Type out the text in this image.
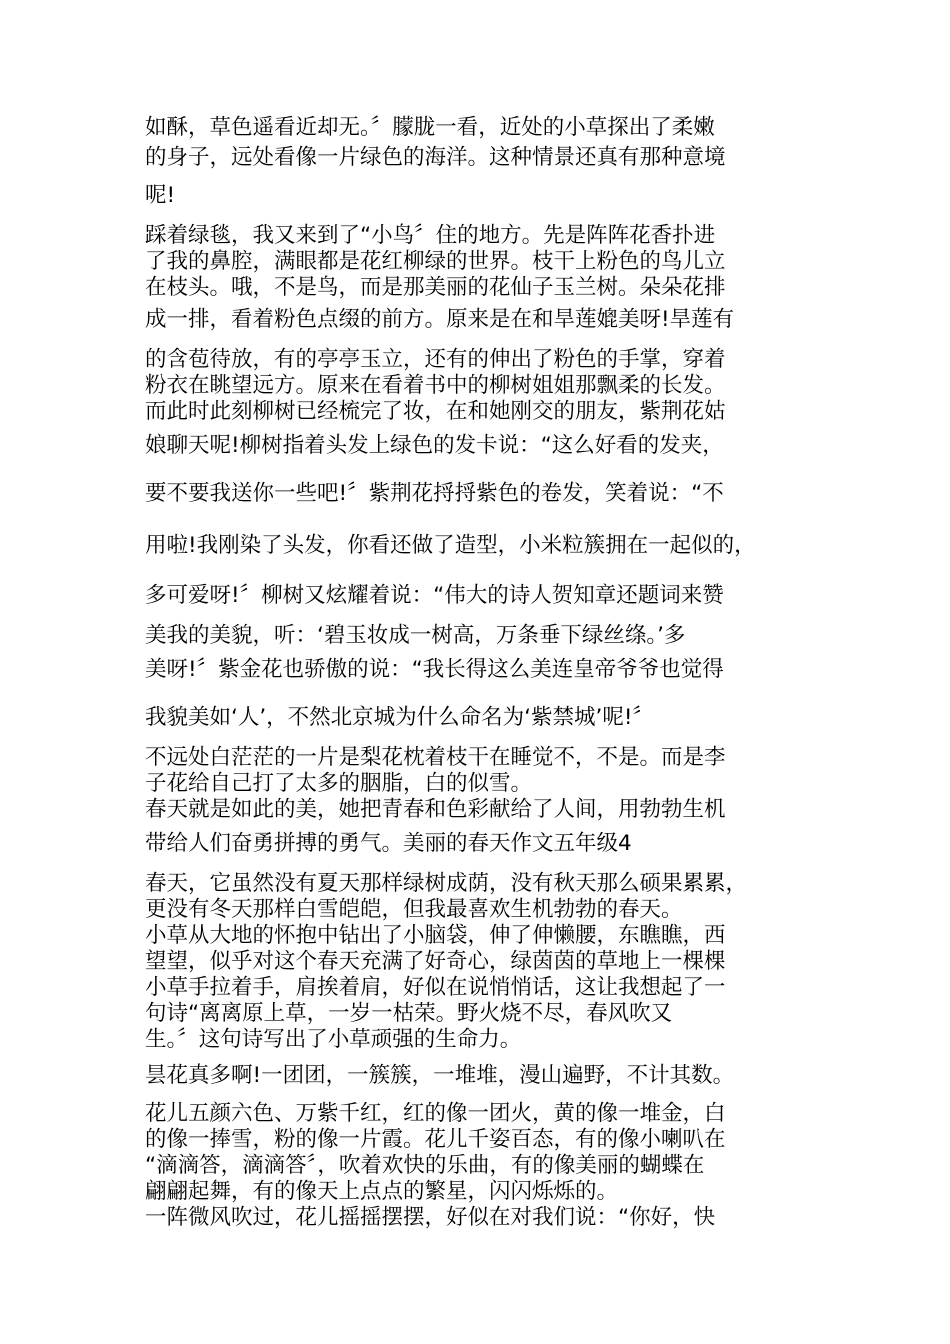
如酥，草色遥看近却无。〞朦胧一看，近处的小草探出了柔嫩

的身子，远处看像一片绿色的海洋。这种情景还真有那种意境

呢!

踩着绿毯，我又来到了“小鸟〞住的地方。先是阵阵花香扑进

了我的鼻腔，满眼都是花红柳绿的世界。枝干上粉色的鸟儿立

在枝头。哦，不是鸟，而是那美丽的花仙子玉兰树。朵朵花排

成一排，看着粉色点缀的前方。原来是在和旱莲媲美呀!旱莲有

的含苞待放，有的亭亭玉立，还有的伸出了粉色的手掌，穿着

粉衣在眺望远方。原来在看着书中的柳树姐姐那飘柔的长发。

而此时此刻柳树已经梳完了妆，在和她刚交的朋友，紫荆花姑

娘聊天呢!柳树指着头发上绿色的发卡说：“这么好看的发夹，

要不要我送你一些吧!〞紫荆花捋捋紫色的卷发，笑着说：“不

用啦!我刚染了头发，你看还做了造型，小米粒簇拥在一起似的，

多可爱呀!〞柳树又炫耀着说：“伟大的诗人贺知章还题词来赞

美我的美貌，听：‘碧玉妆成一树高，万条垂下绿丝绦。’多

美呀!〞紫金花也骄傲的说：“我长得这么美连皇帝爷爷也觉得

我貌美如‘人’，不然北京城为什么命名为‘紫禁城’呢!〞

不远处白茫茫的一片是梨花枕着枝干在睡觉不，不是。而是李

子花给自己打了太多的胭脂，白的似雪。

春天就是如此的美，她把青春和色彩献给了人间，用勃勃生机

带给人们奋勇拼搏的勇气。美丽的春天作文五年级4

春天，它虽然没有夏天那样绿树成荫，没有秋天那么硕果累累，

更没有冬天那样白雪皑皑，但我最喜欢生机勃勃的春天。

小草从大地的怀抱中钻出了小脑袋，伸了伸懒腰，东瞧瞧，西

望望，似乎对这个春天充满了好奇心，绿茵茵的草地上一棵棵

小草手拉着手，肩挨着肩，好似在说悄悄话，这让我想起了一

句诗“离离原上草，一岁一枯荣。野火烧不尽，春风吹又

生。〞这句诗写出了小草顽强的生命力。

昙花真多啊!一团团，一簇簇，一堆堆，漫山遍野，不计其数。

花儿五颜六色、万紫千红，红的像一团火，黄的像一堆金，白

的像一捧雪，粉的像一片霞。花儿千姿百态，有的像小喇叭在

“滴滴答，滴滴答〞，吹着欢快的乐曲，有的像美丽的蝴蝶在

翩翩起舞，有的像天上点点的繁星，闪闪烁烁的。

一阵微风吹过，花儿摇摇摆摆，好似在对我们说：“你好，快
